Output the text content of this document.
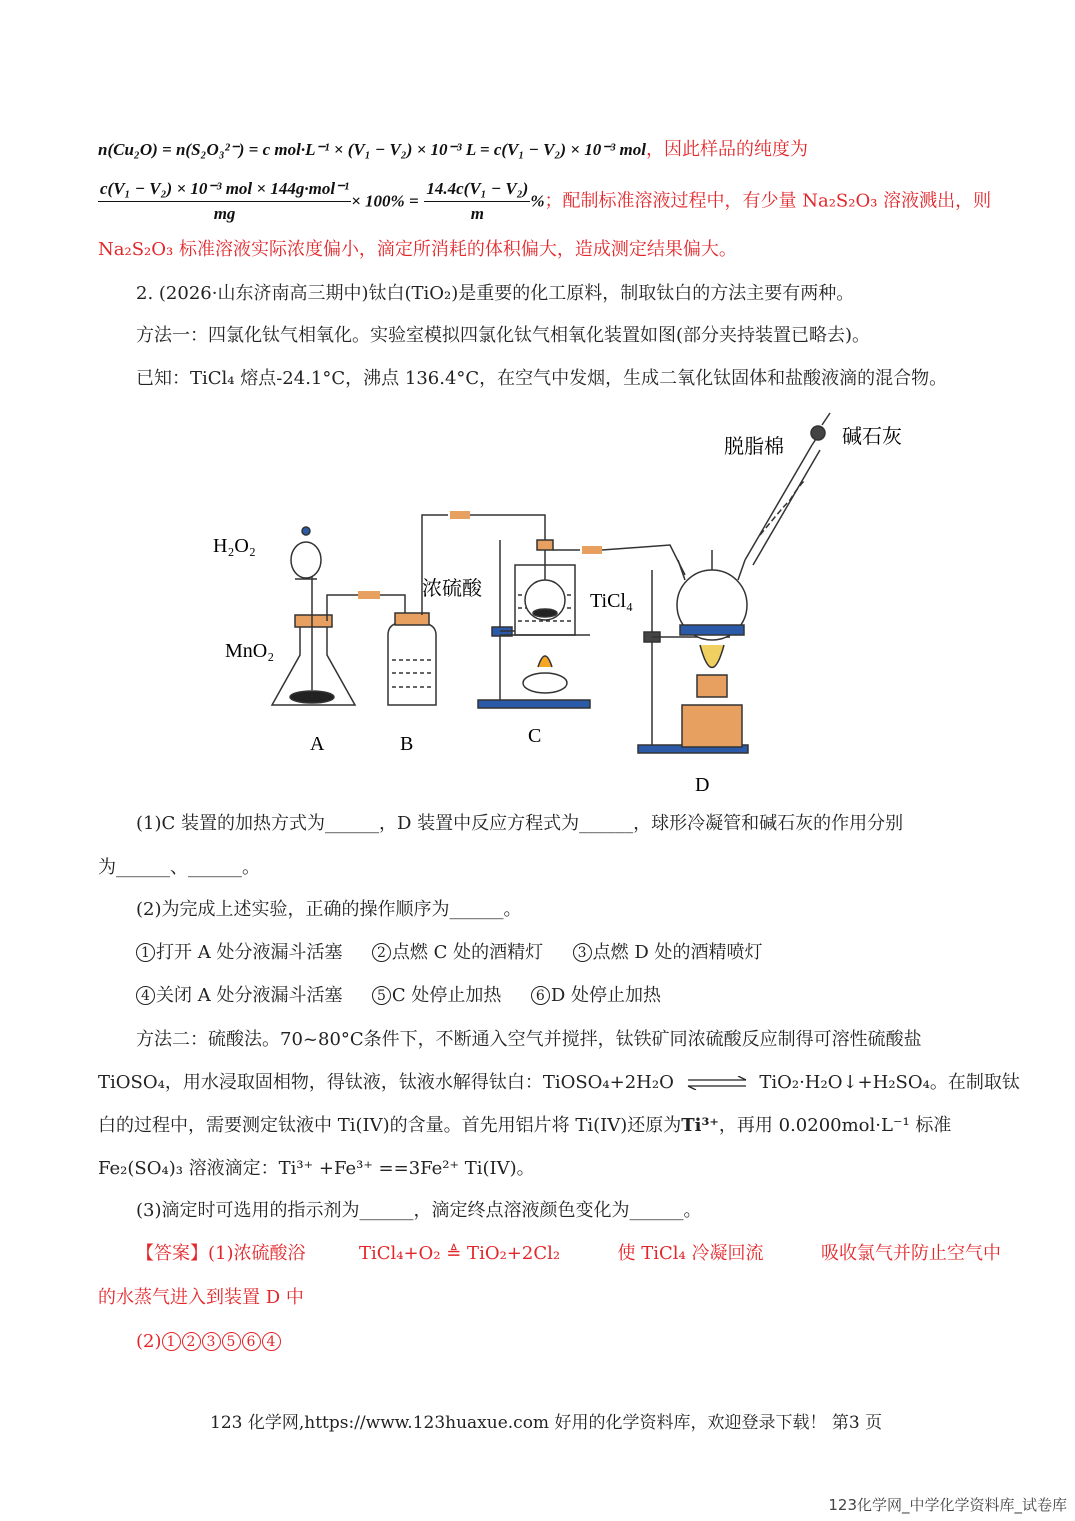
n(Cu₂O) = n(S₂O₃²⁻) = c mol·L⁻¹ × (V₁ − V₂) × 10⁻³ L = c(V₁ − V₂) × 10⁻³ mol，因此样品的纯度为
$\frac{\text{c(V₁ − V₂) × 10⁻³ mol × 144g·mol⁻¹}}{mg} \times 100\% = \frac{\text{14.4c(V₁ − V₂)}}{m}$ %；配制标准溶液过程中，有少量 Na₂S₂O₃ 溶液溅出，则
Na₂S₂O₃ 标准溶液实际浓度偏小，滴定所消耗的体积偏大，造成测定结果偏大。
2. (2026·山东济南高三期中)钛白(TiO₂)是重要的化工原料，制取钛白的方法主要有两种。
方法一：四氯化钛气相氧化。实验室模拟四氯化钛气相氧化装置如图(部分夹持装置已略去)。
已知：TiCl₄ 熔点-24.1°C，沸点 136.4°C，在空气中发烟，生成二氧化钛固体和盐酸液滴的混合物。
H₂O₂
MnO₂
浓硫酸
TiCl₄
脱脂棉	碱石灰
A	B	C
D
(1)C 装置的加热方式为______，D 装置中反应方程式为______，球形冷凝管和碱石灰的作用分别
为______、______。
(2)为完成上述实验，正确的操作顺序为______。
1 打开 A 处分液漏斗活塞 2 点燃 C 处的酒精灯 3 点燃 D 处的酒精喷灯
4 关闭 A 处分液漏斗活塞 5 C 处停止加热 6 D 处停止加热
方法二：硫酸法。70~80°C条件下，不断通入空气并搅拌，钛铁矿同浓硫酸反应制得可溶性硫酸盐
TiOSO₄，用水浸取固相物，得钛液，钛液水解得钛白：TiOSO₄+2H₂O ⇌ TiO₂·H₂O↓+H₂SO₄。在制取钛
白的过程中，需要测定钛液中 Ti(IV)的含量。首先用铝片将 Ti(IV)还原为Ti³⁺，再用 0.0200mol·L⁻¹ 标准
Fe₂(SO₄)₃ 溶液滴定：Ti³⁺ +Fe³⁺ ==3Fe²⁺ Ti(IV)。
(3)滴定时可选用的指示剂为______，滴定终点溶液颜色变化为______。
【答案】(1)浓硫酸浴	TiCl₄+O₂ ≜ TiO₂+2Cl₂	使 TiCl₄ 冷凝回流	吸收氯气并防止空气中
的水蒸气进入到装置 D 中
(2) 1 2 3 5 6 4
123 化学网,https://www.123huaxue.com 好用的化学资料库，欢迎登录下载！ 第3 页
123化学网_中学化学资料库_试卷库
